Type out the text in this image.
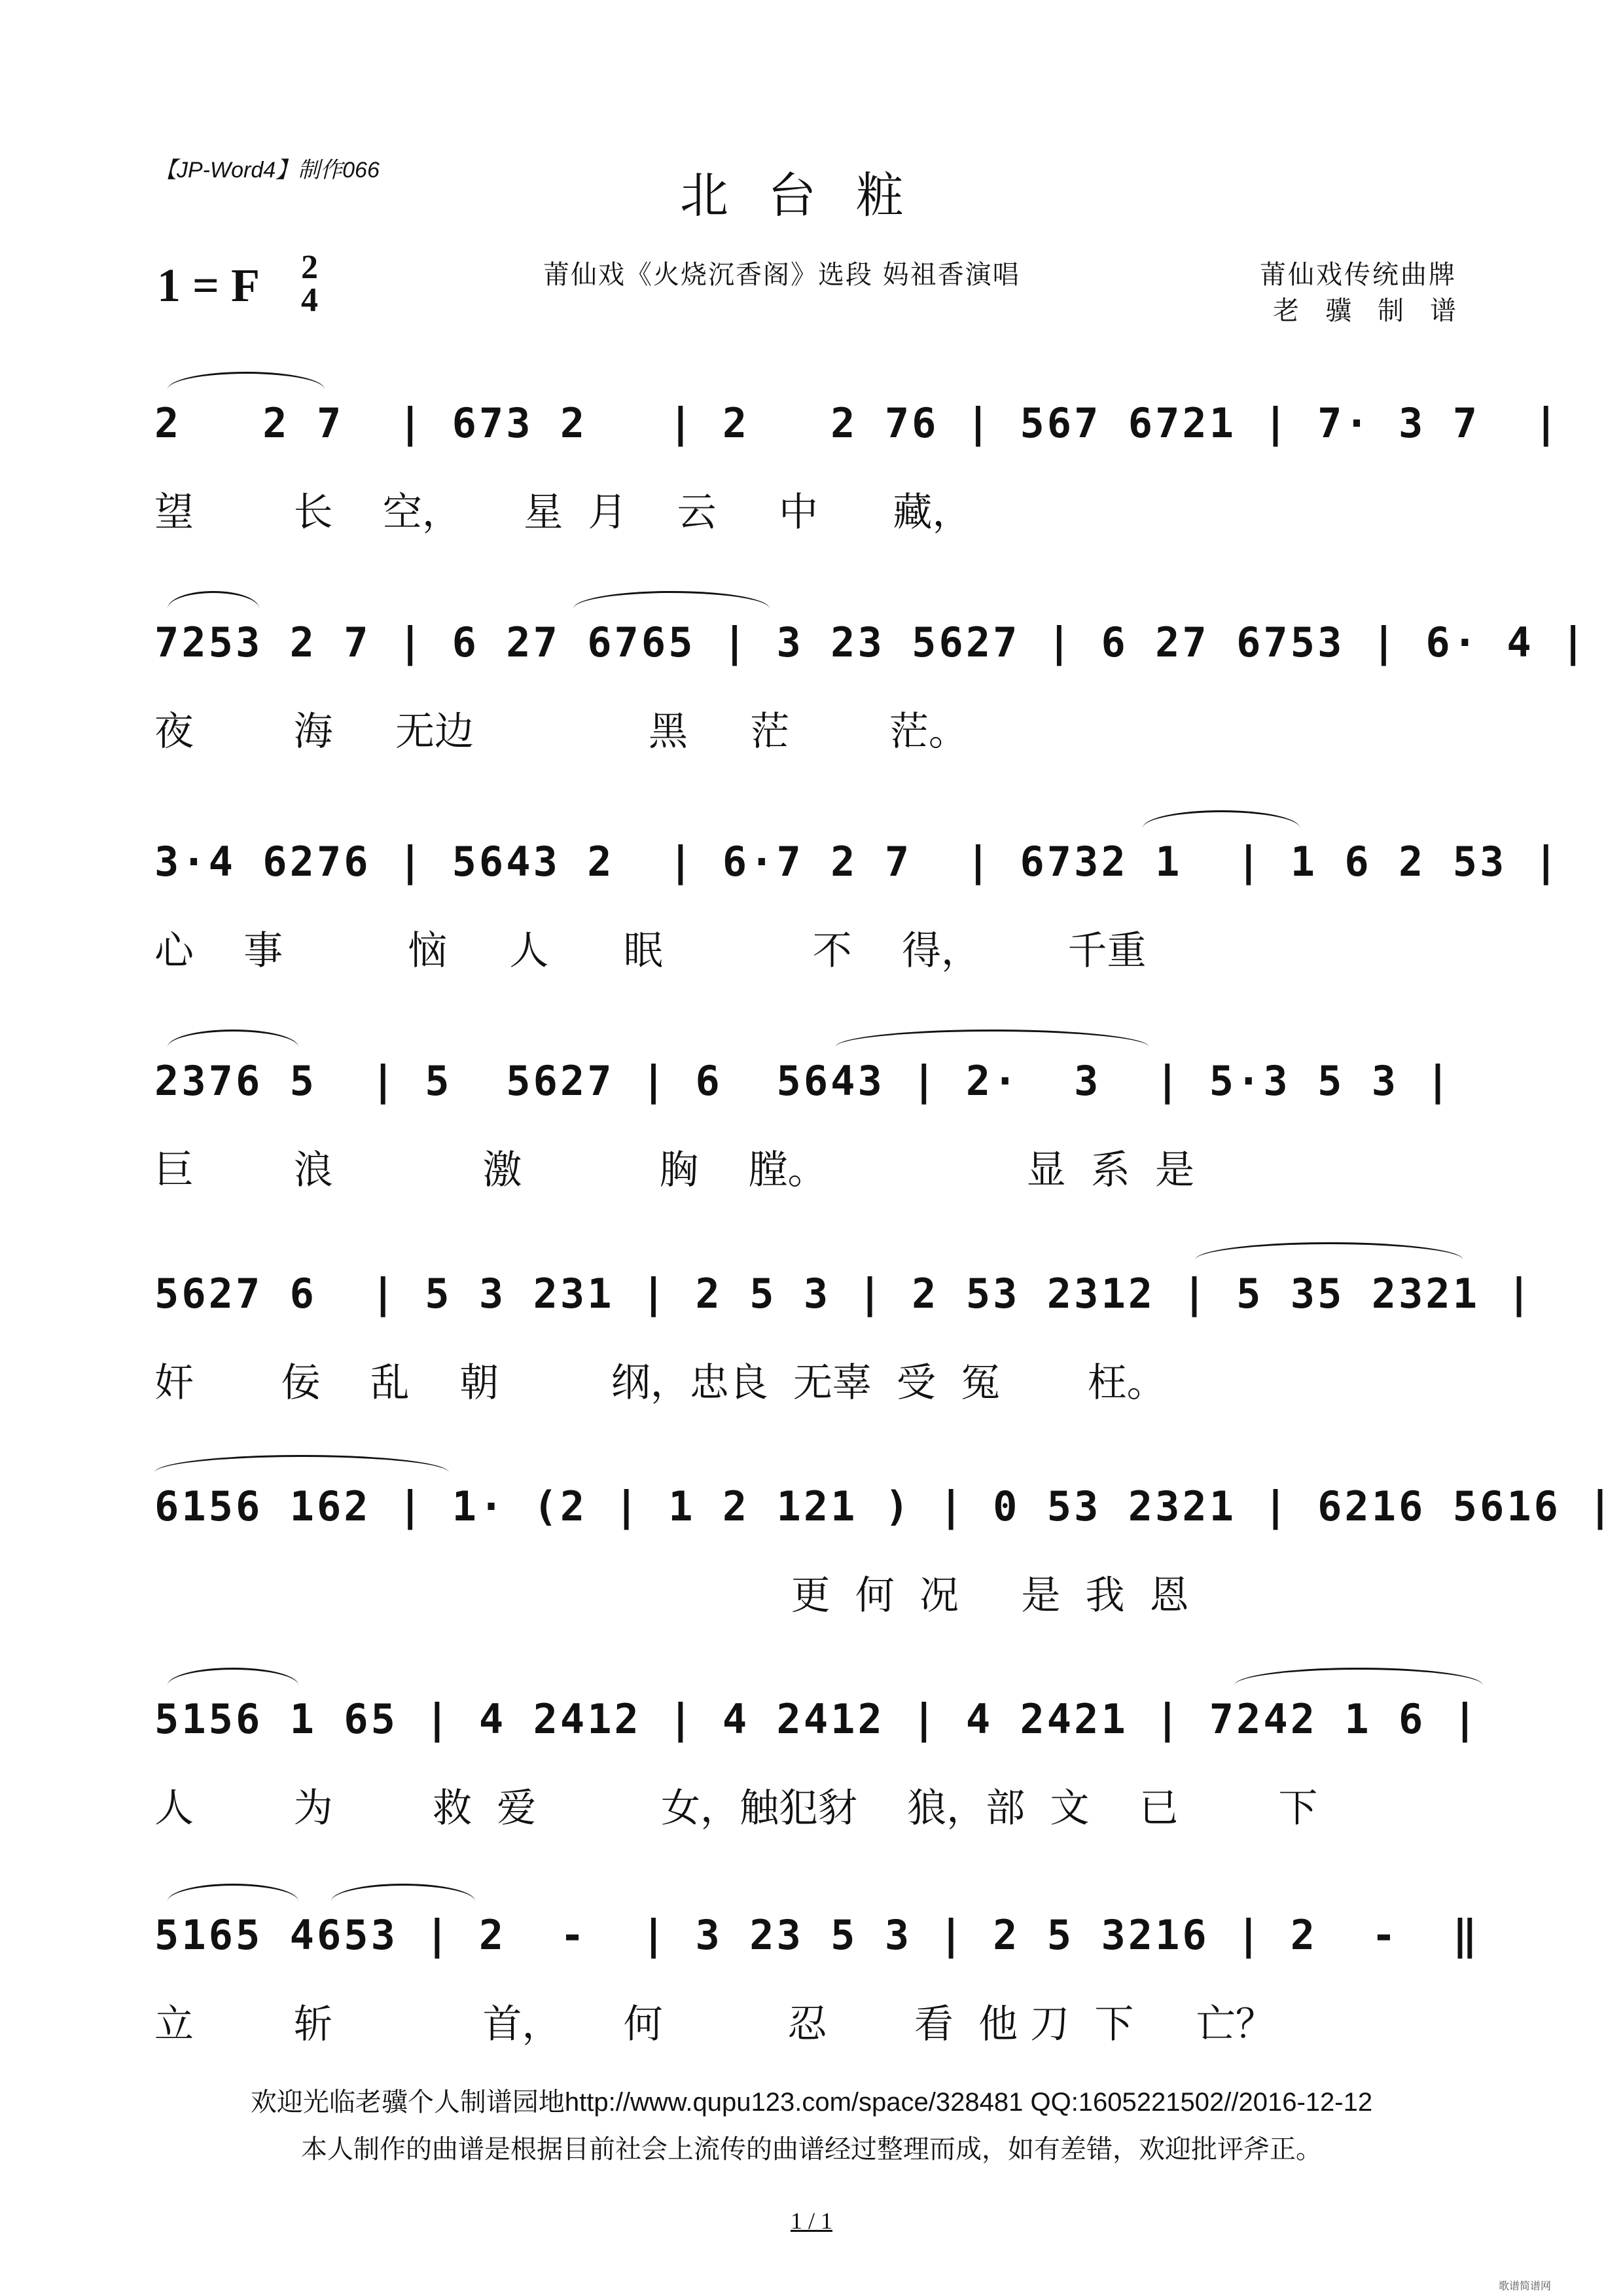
【JP-Word4】制作066	北台粧
1 = F 2
4
莆仙戏《火烧沉香阁》选段 妈祖香演唱	莆仙戏传统曲牌
老骥制谱
2   2 7  | 673 2   | 2   2 76 | 567 6721 | 7· 3 7  |
望        长    空，     星  月    云     中      藏，
7253 2 7 | 6 27 6765 | 3 23 5627 | 6 27 6753 | 6· 4 |
夜        海     无边              黑     茫        茫。
3·4 6276 | 5643 2  | 6·7 2 7  | 6732 1  | 1 6 2 53 |
心    事          恼     人      眠            不    得，       千重
2376 5  | 5  5627 | 6  5643 | 2·  3  | 5·3 5 3 |
巨        浪            激           胸    膛。                显  系  是
5627 6  | 5 3 231 | 2 5 3 | 2 53 2312 | 5 35 2321 |
奸       佞    乱    朝         纲，忠良  无辜  受  冤       枉。
6156 162 | 1· (2 | 1 2 121 ) | 0 53 2321 | 6216 5616 |
更  何  况     是  我  恩
5156 1 65 | 4 2412 | 4 2412 | 4 2421 | 7242 1 6 |
人        为        救  爱          女，触犯豺    狼，部  文    已        下
5165 4653 | 2  -  | 3 23 5 3 | 2 5 3216 | 2  -  ‖
立        斩            首，     何          忍       看  他 刀  下     亡？
欢迎光临老骥个人制谱园地http://www.qupu123.com/space/328481 QQ:1605221502//2016-12-12
本人制作的曲谱是根据目前社会上流传的曲谱经过整理而成，如有差错，欢迎批评斧正。
1 / 1
歌谱简谱网
